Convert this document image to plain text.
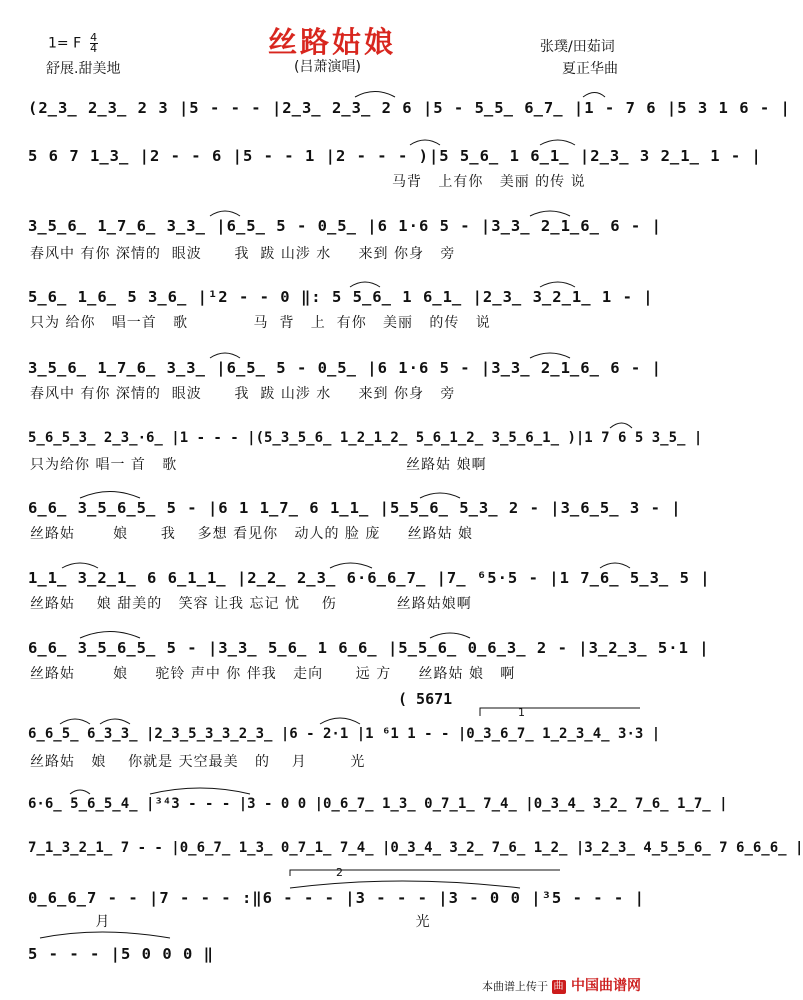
丝路姑娘
1= F $\frac{4}{4}$
舒展.甜美地	(吕萧演唱)
张璞/田茹词
夏正华曲
(2̲3̲ 2̲3̲ 2 3 |5 - - - |2̲3̲ 2̲3̲ 2 6 |5 - 5̲5̲ 6̲7̲ |1 - 7 6 |5 3 1 6 - |
5 6 7 1̲3̲ |2 - - 6 |5 - - 1 |2 - - - )|5 5̲6̲ 1 6̲1̲ |2̲3̲ 3 2̲1̲ 1 - |
马背   上有你   美丽 的传 说
3̲5̲6̲ 1̲7̲6̲ 3̲3̲ |6̲5̲ 5 - 0̲5̲ |6 1·6 5 - |3̲3̲ 2̲1̲6̲ 6 - |
春风中 有你 深情的  眼波      我  跋 山涉 水     来到 你身   旁
5̲6̲ 1̲6̲ 5 3̲6̲ |¹2 - - 0 ‖: 5 5̲6̲ 1 6̲1̲ |2̲3̲ 3̲2̲1̲ 1 - |
只为 给你   唱一首   歌            马  背   上  有你   美丽   的传   说
3̲5̲6̲ 1̲7̲6̲ 3̲3̲ |6̲5̲ 5 - 0̲5̲ |6 1·6 5 - |3̲3̲ 2̲1̲6̲ 6 - |
春风中 有你 深情的  眼波      我  跋 山涉 水     来到 你身   旁
5̲6̲5̲3̲ 2̲3̲·6̲ |1 - - - |(5̲3̲5̲6̲ 1̲2̲1̲2̲ 5̲6̲1̲2̲ 3̲5̲6̲1̲ )|1 7 6 5 3̲5̲ |
只为给你 唱一 首   歌                                          丝路姑 娘啊
6̲6̲ 3̲5̲6̲5̲ 5 - |6 1 1̲7̲ 6 1̲1̲ |5̲5̲6̲ 5̲3̲ 2 - |3̲6̲5̲ 3 - |
丝路姑       娘      我    多想 看见你   动人的 脸 庞     丝路姑 娘
1̲1̲ 3̲2̲1̲ 6 6̲1̲1̲ |2̲2̲ 2̲3̲ 6·6̲6̲7̲ |7̲ ⁶5·5 - |1 7̲6̲ 5̲3̲ 5 |
丝路姑    娘 甜美的   笑容 让我 忘记 忧    伤           丝路姑娘啊
6̲6̲ 3̲5̲6̲5̲ 5 - |3̲3̲ 5̲6̲ 1 6̲6̲ |5̲5̲6̲ 0̲6̲3̲ 2 - |3̲2̲3̲ 5·1 |
丝路姑       娘     驼铃 声中 你 伴我   走向      远 方     丝路姑 娘   啊
( 5671
1
6̲6̲5̲ 6̲3̲3̲ |2̲3̲5̲3̲3̲2̲3̲ |6 - 2·1 |1 ⁶1 1 - - |0̲3̲6̲7̲ 1̲2̲3̲4̲ 3·3 |
丝路姑   娘    你就是 天空最美   的    月        光
6·6̲ 5̲6̲5̲4̲ |³⁴3 - - - |3 - 0 0 |0̲6̲7̲ 1̲3̲ 0̲7̲1̲ 7̲4̲ |0̲3̲4̲ 3̲2̲ 7̲6̲ 1̲7̲ |
7̲1̲3̲2̲1̲ 7 - - |0̲6̲7̲ 1̲3̲ 0̲7̲1̲ 7̲4̲ |0̲3̲4̲ 3̲2̲ 7̲6̲ 1̲2̲ |3̲2̲3̲ 4̲5̲5̲6̲ 7 6̲6̲6̲ |
2
0̲6̲6̲7 - - |7 - - - :‖6 - - - |3 - - - |3 - 0 0 |³5 - - - |
月                                                        光
5 - - - |5 0 0 0 ‖
本曲谱上传于 曲 中国曲谱网
